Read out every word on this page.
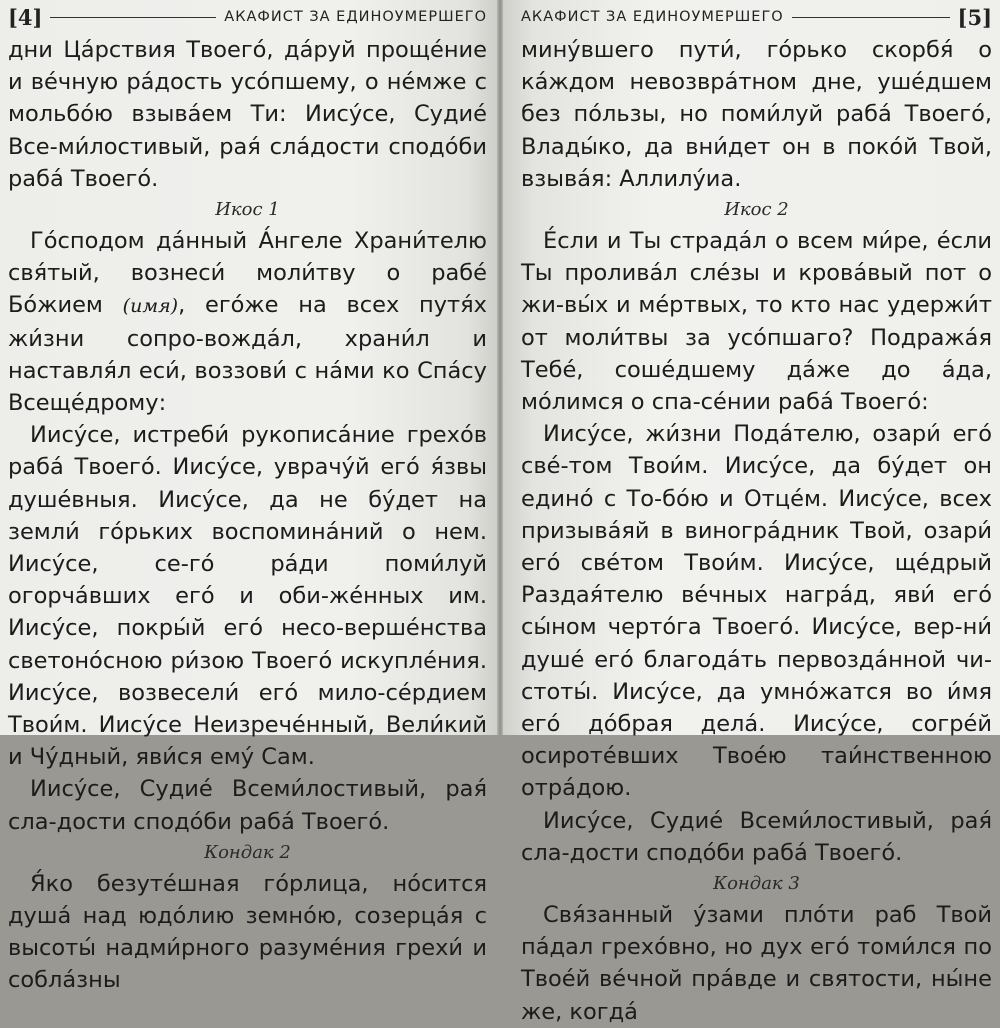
[4]	АКАФИСТ ЗА ЕДИНОУМЕРШЕГО

дни Ца́рствия Твоего́, да́руй проще́ние и ве́чную ра́дость усо́пшему, о не́мже с мольбо́ю взыва́ем Ти: Иису́се, Судие́ Все-ми́лостивый, рая́ сла́дости сподо́би раба́ Твоего́.

Икос 1

Го́сподом да́нный А́нгеле Храни́телю свя́тый, вознеси́ моли́тву о рабе́ Бо́жием (имя), его́же на всех путя́х жи́зни сопро-вожда́л, храни́л и наставля́л еси́, воззови́ с на́ми ко Спа́су Всеще́дрому:

Иису́се, истреби́ рукописа́ние грехо́в раба́ Твоего́. Иису́се, уврачу́й его́ я́звы душе́вныя. Иису́се, да не бу́дет на земли́ го́рьких воспомина́ний о нем. Иису́се, се-го́ ра́ди поми́луй огорча́вших его́ и оби-же́нных им. Иису́се, покры́й его́ несо-верше́нства светоно́сною ри́зою Твоего́ искупле́ния. Иису́се, возвесели́ его́ мило-се́рдием Твои́м. Иису́се Неизрече́нный, Вели́кий и Чу́дный, яви́ся ему́ Сам.

Иису́се, Судие́ Всеми́лостивый, рая́ сла-дости сподо́би раба́ Твоего́.

Кондак 2

Я́ко безуте́шная го́рлица, но́сится душа́ над юдо́лию земно́ю, созерца́я с высоты́ надми́рного разуме́ния грехи́ и собла́зны

АКАФИСТ ЗА ЕДИНОУМЕРШЕГО	[5]

мину́вшего пути́, го́рько скорбя́ о ка́ждом невозвра́тном дне, уше́дшем без по́льзы, но поми́луй раба́ Твоего́, Влады́ко, да вни́дет он в поко́й Твой, взыва́я: Аллилу́иа.

Икос 2

Е́сли и Ты страда́л о всем ми́ре, е́сли Ты пролива́л сле́зы и крова́вый пот о жи-вы́х и ме́ртвых, то кто нас удержи́т от моли́твы за усо́пшаго? Подража́я Тебе́, соше́дшему да́же до а́да, мо́лимся о спа-се́нии раба́ Твоего́:

Иису́се, жи́зни Пода́телю, озари́ его́ све́-том Твои́м. Иису́се, да бу́дет он едино́ с То-бо́ю и Отце́м. Иису́се, всех призыва́яй в виногра́дник Твой, озари́ его́ све́том Твои́м. Иису́се, ще́дрый Раздая́телю ве́чных награ́д, яви́ его́ сы́ном черто́га Твоего́. Иису́се, вер-ни́ душе́ его́ благода́ть первозда́нной чи-стоты́. Иису́се, да умно́жатся во и́мя его́ до́брая дела́. Иису́се, согре́й осироте́вших Твое́ю таи́нственною отра́дою.

Иису́се, Судие́ Всеми́лостивый, рая́ сла-дости сподо́би раба́ Твоего́.

Кондак 3

Свя́занный у́зами пло́ти раб Твой па́дал грехо́вно, но дух его́ томи́лся по Твое́й ве́чной пра́вде и святости, ны́не же, когда́
